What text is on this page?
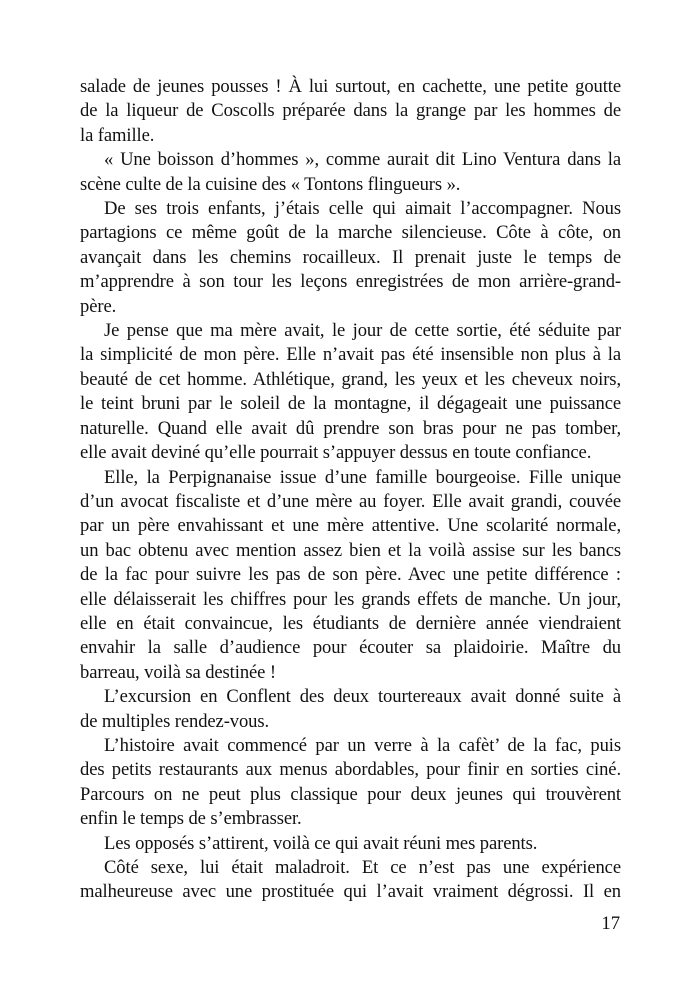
salade de jeunes pousses ! À lui surtout, en cachette, une petite goutte
de la liqueur de Coscolls préparée dans la grange par les hommes de
la famille.
« Une boisson d’hommes », comme aurait dit Lino Ventura dans la
scène culte de la cuisine des « Tontons flingueurs ».
De ses trois enfants, j’étais celle qui aimait l’accompagner. Nous
partagions ce même goût de la marche silencieuse. Côte à côte, on
avançait dans les chemins rocailleux. Il prenait juste le temps de
m’apprendre à son tour les leçons enregistrées de mon arrière-grand-
père.
Je pense que ma mère avait, le jour de cette sortie, été séduite par
la simplicité de mon père. Elle n’avait pas été insensible non plus à la
beauté de cet homme. Athlétique, grand, les yeux et les cheveux noirs,
le teint bruni par le soleil de la montagne, il dégageait une puissance
naturelle. Quand elle avait dû prendre son bras pour ne pas tomber,
elle avait deviné qu’elle pourrait s’appuyer dessus en toute confiance.
Elle, la Perpignanaise issue d’une famille bourgeoise. Fille unique
d’un avocat fiscaliste et d’une mère au foyer. Elle avait grandi, couvée
par un père envahissant et une mère attentive. Une scolarité normale,
un bac obtenu avec mention assez bien et la voilà assise sur les bancs
de la fac pour suivre les pas de son père. Avec une petite différence :
elle délaisserait les chiffres pour les grands effets de manche. Un jour,
elle en était convaincue, les étudiants de dernière année viendraient
envahir la salle d’audience pour écouter sa plaidoirie. Maître du
barreau, voilà sa destinée !
L’excursion en Conflent des deux tourtereaux avait donné suite à
de multiples rendez-vous.
L’histoire avait commencé par un verre à la cafèt’ de la fac, puis
des petits restaurants aux menus abordables, pour finir en sorties ciné.
Parcours on ne peut plus classique pour deux jeunes qui trouvèrent
enfin le temps de s’embrasser.
Les opposés s’attirent, voilà ce qui avait réuni mes parents.
Côté sexe, lui était maladroit. Et ce n’est pas une expérience
malheureuse avec une prostituée qui l’avait vraiment dégrossi. Il en
17
